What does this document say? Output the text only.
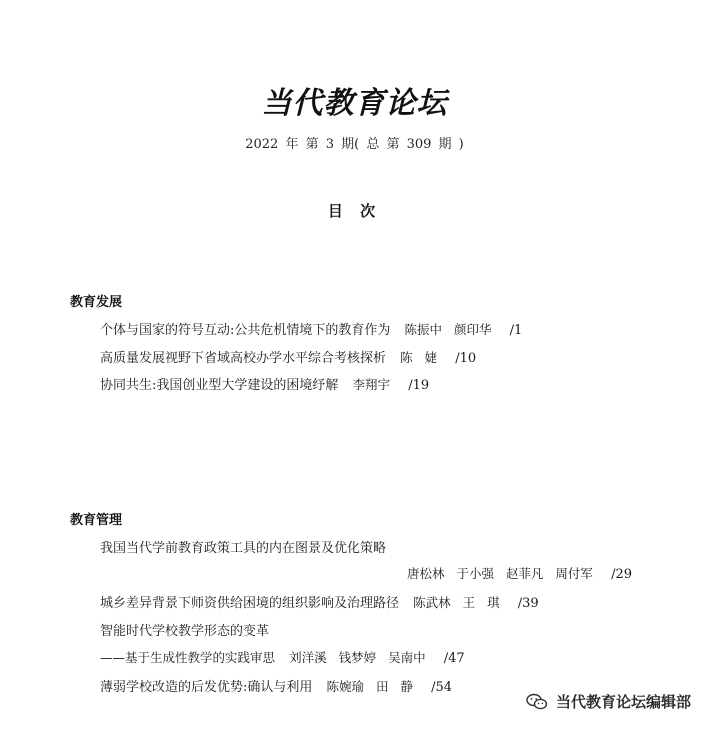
当代教育论坛
2022 年 第 3 期( 总 第 309 期 )
目 次
教育发展
个体与国家的符号互动:公共危机情境下的教育作为 陈振中 颜印华 /1
高质量发展视野下省域高校办学水平综合考核探析 陈 婕 /10
协同共生:我国创业型大学建设的困境纾解 李翔宇 /19
教育管理
我国当代学前教育政策工具的内在图景及优化策略
唐松林 于小强 赵菲凡 周付军 /29
城乡差异背景下师资供给困境的组织影响及治理路径 陈武林 王 琪 /39
智能时代学校教学形态的变革
——基于生成性教学的实践审思 刘洋溪 钱梦婷 吴南中 /47
薄弱学校改造的后发优势:确认与利用 陈婉瑜 田 静 /54
当代教育论坛编辑部
